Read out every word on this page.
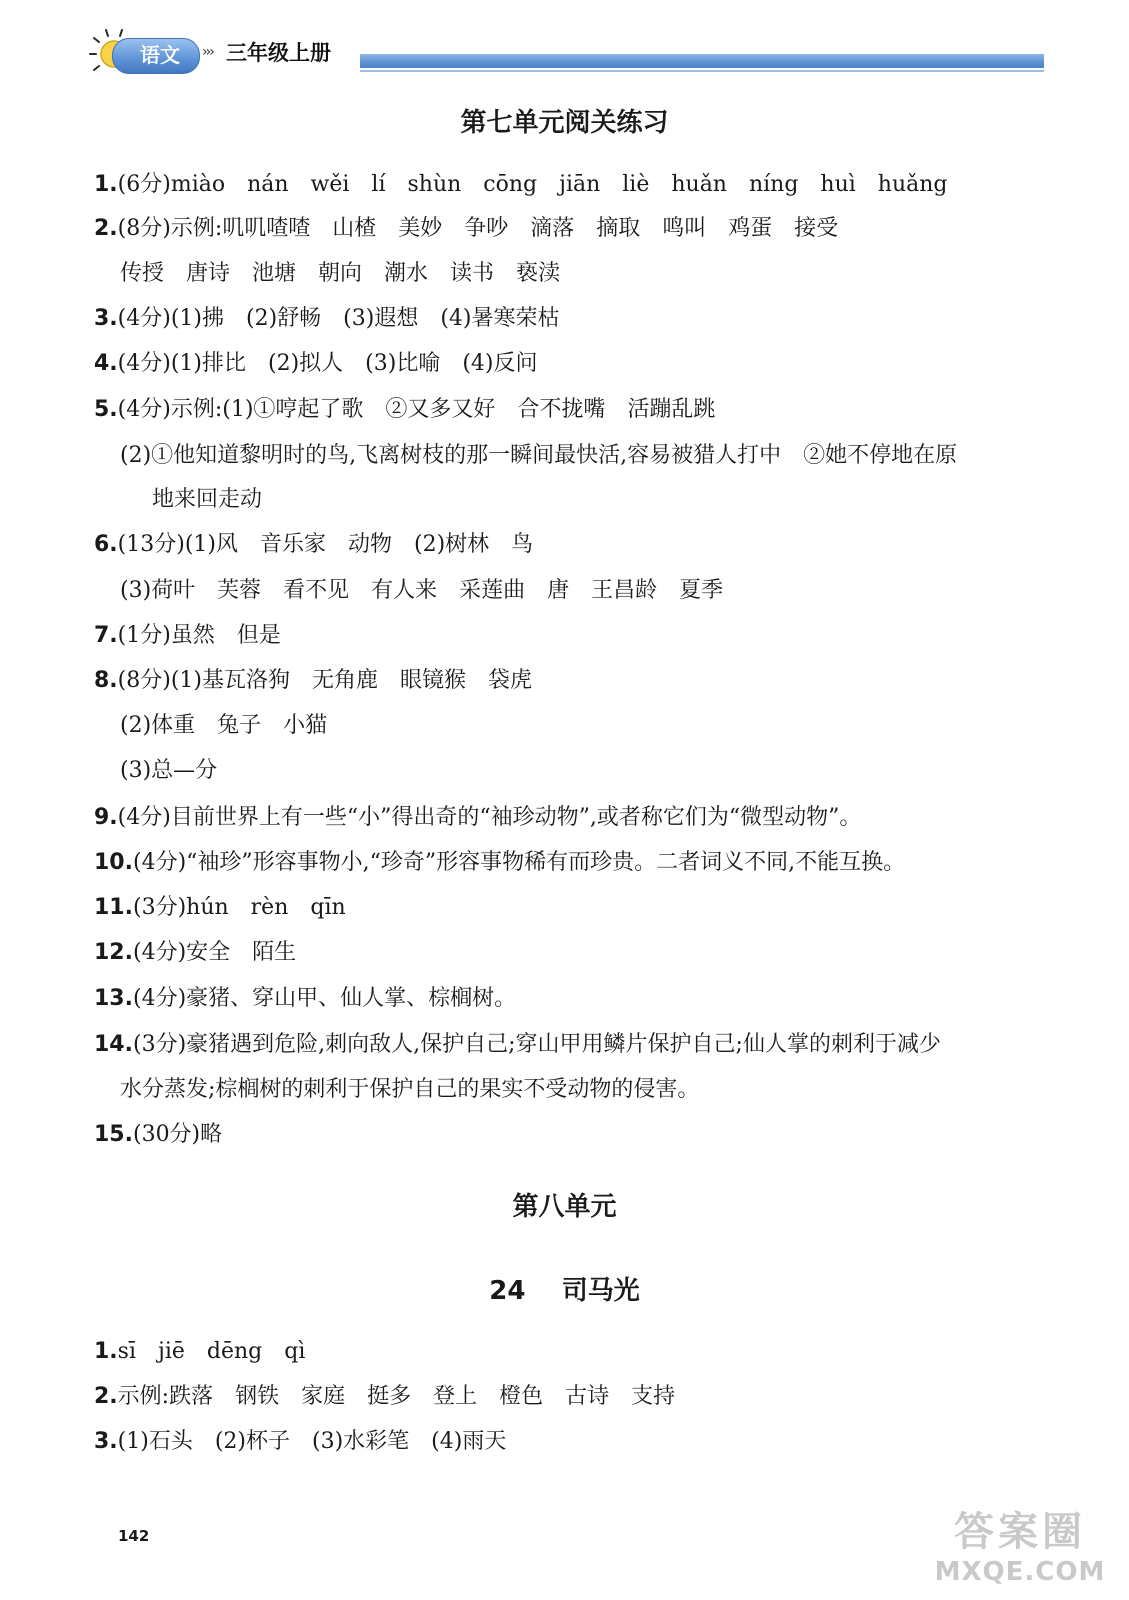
语文	››› 三年级上册
第七单元阅关练习
1.(6分)miào　nán　wěi　lí　shùn　cōng　jiān　liè　huǎn　níng　huì　huǎng
2.(8分)示例:叽叽喳喳　山楂　美妙　争吵　滴落　摘取　鸣叫　鸡蛋　接受
传授　唐诗　池塘　朝向　潮水　读书　亵渎
3.(4分)(1)拂　(2)舒畅　(3)遐想　(4)暑寒荣枯
4.(4分)(1)排比　(2)拟人　(3)比喻　(4)反问
5.(4分)示例:(1)①哼起了歌　②又多又好　合不拢嘴　活蹦乱跳
(2)①他知道黎明时的鸟,飞离树枝的那一瞬间最快活,容易被猎人打中　②她不停地在原
地来回走动
6.(13分)(1)风　音乐家　动物　(2)树林　鸟
(3)荷叶　芙蓉　看不见　有人来　采莲曲　唐　王昌龄　夏季
7.(1分)虽然　但是
8.(8分)(1)基瓦洛狗　无角鹿　眼镜猴　袋虎
(2)体重　兔子　小猫
(3)总—分
9.(4分)目前世界上有一些“小”得出奇的“袖珍动物”,或者称它们为“微型动物”。
10.(4分)“袖珍”形容事物小,“珍奇”形容事物稀有而珍贵。二者词义不同,不能互换。
11.(3分)hún　rèn　qīn
12.(4分)安全　陌生
13.(4分)豪猪、穿山甲、仙人掌、棕榈树。
14.(3分)豪猪遇到危险,刺向敌人,保护自己;穿山甲用鳞片保护自己;仙人掌的刺利于减少
水分蒸发;棕榈树的刺利于保护自己的果实不受动物的侵害。
15.(30分)略
第八单元
24 司马光
1.sī　jiē　dēng　qì
2.示例:跌落　钢铁　家庭　挺多　登上　橙色　古诗　支持
3.(1)石头　(2)杯子　(3)水彩笔　(4)雨天
142	答案圈
MXQE.COM
